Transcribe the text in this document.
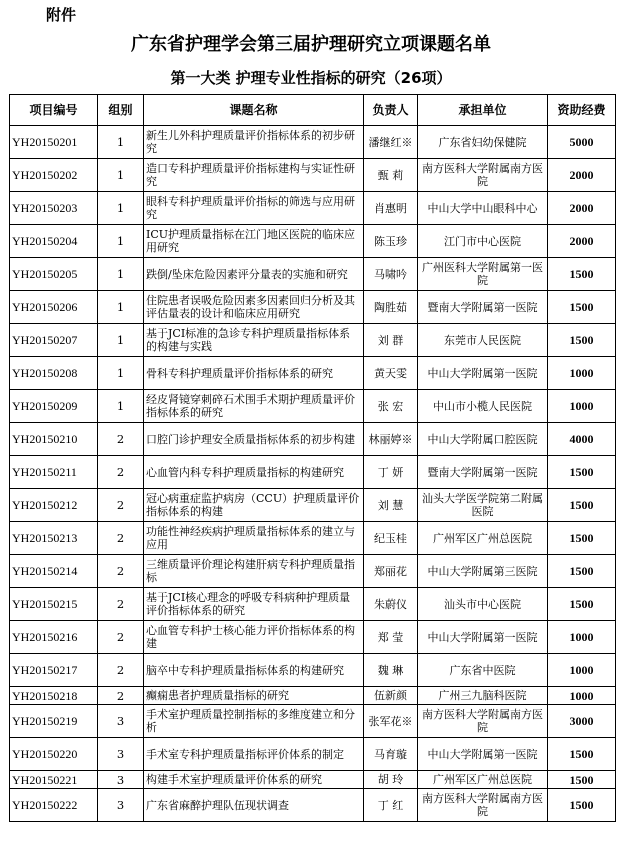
附件
广东省护理学会第三届护理研究立项课题名单
第一大类 护理专业性指标的研究（26项）
项目编号	组别	课题名称	负责人	承担单位	资助经费
YH20150201	1	新生儿外科护理质量评价指标体系的初步研究	潘继红※	广东省妇幼保健院	5000
YH20150202	1	造口专科护理质量评价指标建构与实证性研究	甄 莉	南方医科大学附属南方医院	2000
YH20150203	1	眼科专科护理质量评价指标的筛选与应用研究	肖惠明	中山大学中山眼科中心	2000
YH20150204	1	ICU护理质量指标在江门地区医院的临床应用研究	陈玉珍	江门市中心医院	2000
YH20150205	1	跌倒/坠床危险因素评分量表的实施和研究	马啸吟	广州医科大学附属第一医院	1500
YH20150206	1	住院患者误吸危险因素多因素回归分析及其评估量表的设计和临床应用研究	陶胜茹	暨南大学附属第一医院	1500
YH20150207	1	基于JCI标准的急诊专科护理质量指标体系的构建与实践	刘 群	东莞市人民医院	1500
YH20150208	1	骨科专科护理质量评价指标体系的研究	黄天雯	中山大学附属第一医院	1000
YH20150209	1	经皮肾镜穿刺碎石术围手术期护理质量评价指标体系的研究	张 宏	中山市小榄人民医院	1000
YH20150210	2	口腔门诊护理安全质量指标体系的初步构建	林丽婷※	中山大学附属口腔医院	4000
YH20150211	2	心血管内科专科护理质量指标的构建研究	丁 妍	暨南大学附属第一医院	1500
YH20150212	2	冠心病重症监护病房（CCU）护理质量评价指标体系的构建	刘 慧	汕头大学医学院第二附属医院	1500
YH20150213	2	功能性神经疾病护理质量指标体系的建立与应用	纪玉桂	广州军区广州总医院	1500
YH20150214	2	三维质量评价理论构建肝病专科护理质量指标	郑丽花	中山大学附属第三医院	1500
YH20150215	2	基于JCI核心理念的呼吸专科病种护理质量评价指标体系的研究	朱蔚仪	汕头市中心医院	1500
YH20150216	2	心血管专科护士核心能力评价指标体系的构建	郑 莹	中山大学附属第一医院	1000
YH20150217	2	脑卒中专科护理质量指标体系的构建研究	魏 琳	广东省中医院	1000
YH20150218	2	癫痫患者护理质量指标的研究	伍新颜	广州三九脑科医院	1000
YH20150219	3	手术室护理质量控制指标的多维度建立和分析	张军花※	南方医科大学附属南方医院	3000
YH20150220	3	手术室专科护理质量指标评价体系的制定	马育璇	中山大学附属第一医院	1500
YH20150221	3	构建手术室护理质量评价体系的研究	胡 玲	广州军区广州总医院	1500
YH20150222	3	广东省麻醉护理队伍现状调查	丁 红	南方医科大学附属南方医院	1500
